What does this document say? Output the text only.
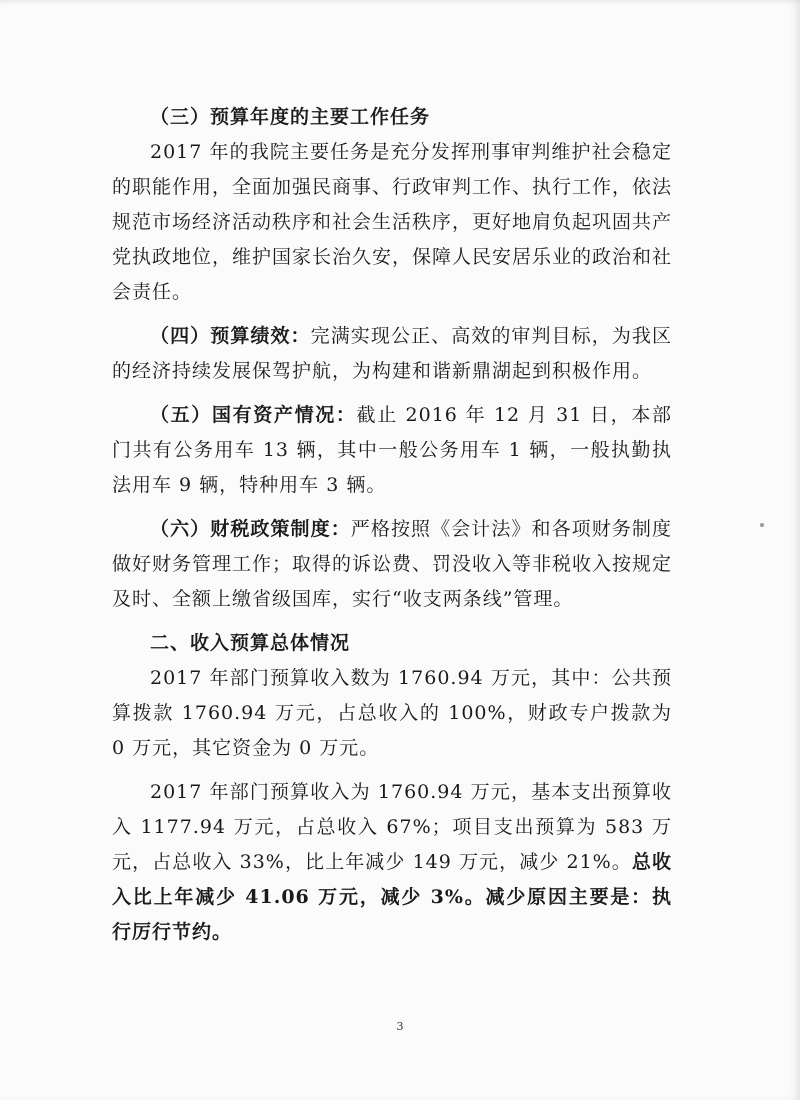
（三）预算年度的主要工作任务

2017 年的我院主要任务是充分发挥刑事审判维护社会稳定的职能作用，全面加强民商事、行政审判工作、执行工作，依法规范市场经济活动秩序和社会生活秩序，更好地肩负起巩固共产党执政地位，维护国家长治久安，保障人民安居乐业的政治和社会责任。

（四）预算绩效：完满实现公正、高效的审判目标，为我区的经济持续发展保驾护航，为构建和谐新鼎湖起到积极作用。

（五）国有资产情况：截止 2016 年 12 月 31 日，本部门共有公务用车 13 辆，其中一般公务用车 1 辆，一般执勤执法用车 9 辆，特种用车 3 辆。

（六）财税政策制度：严格按照《会计法》和各项财务制度做好财务管理工作；取得的诉讼费、罚没收入等非税收入按规定及时、全额上缴省级国库，实行“收支两条线”管理。

二、收入预算总体情况

2017 年部门预算收入数为 1760.94 万元，其中：公共预算拨款 1760.94 万元，占总收入的 100%，财政专户拨款为 0 万元，其它资金为 0 万元。

2017 年部门预算收入为 1760.94 万元，基本支出预算收入 1177.94 万元，占总收入 67%；项目支出预算为 583 万元，占总收入 33%，比上年减少 149 万元，减少 21%。总收入比上年减少 41.06 万元，减少 3%。减少原因主要是：执行厉行节约。

3
